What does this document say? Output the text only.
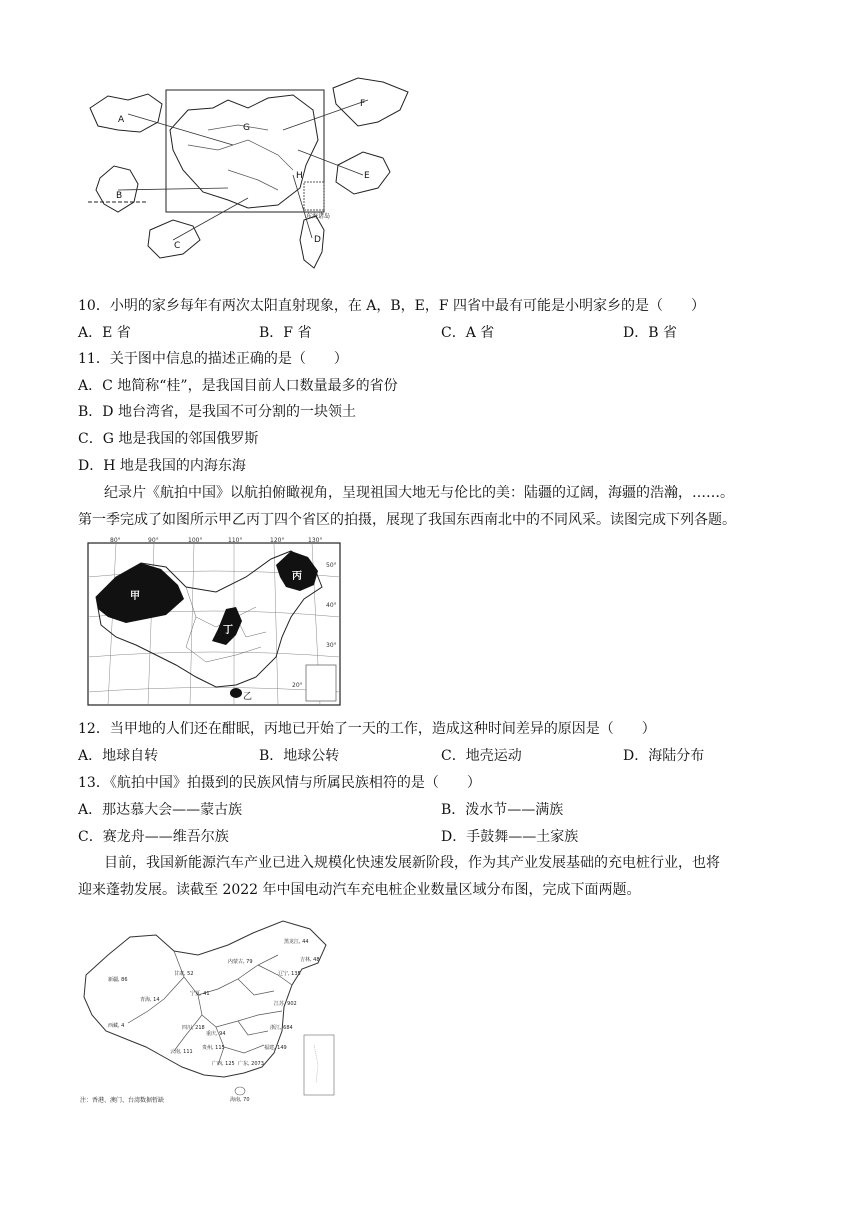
A
B
C
D
E
F
G
H
东海诸岛
10．小明的家乡每年有两次太阳直射现象，在 A，B，E，F 四省中最有可能是小明家乡的是（　　）
A．E 省	B．F 省	C．A 省	D．B 省
11．关于图中信息的描述正确的是（　　）
A．C 地简称“桂”，是我国目前人口数量最多的省份
B．D 地台湾省，是我国不可分割的一块领土
C．G 地是我国的邻国俄罗斯
D．H 地是我国的内海东海
纪录片《航拍中国》以航拍俯瞰视角，呈现祖国大地无与伦比的美：陆疆的辽阔，海疆的浩瀚，……。
第一季完成了如图所示甲乙丙丁四个省区的拍摄，展现了我国东西南北中的不同风采。读图完成下列各题。
甲
丙
丁
乙
80°	90°	100°	110°	120°	130°
50°
40°
30°
20°
12．当甲地的人们还在酣眠，丙地已开始了一天的工作，造成这种时间差异的原因是（　　）
A．地球自转	B．地球公转	C．地壳运动	D．海陆分布
13．《航拍中国》拍摄到的民族风情与所属民族相符的是（　　）
A．那达慕大会——蒙古族	B．泼水节——满族
C．赛龙舟——维吾尔族	D．手鼓舞——土家族
目前，我国新能源汽车产业已进入规模化快速发展新阶段，作为其产业发展基础的充电桩行业，也将
迎来蓬勃发展。读截至 2022 年中国电动汽车充电桩企业数量区域分布图，完成下面两题。
黑龙江, 44
新疆, 86
内蒙古, 79	吉林, 48
辽宁, 135
甘肃, 52
宁夏, 41
青海, 14
西藏, 4	四川, 218
重庆, 94
贵州, 115
云南, 111
广西, 125
江苏, 902
浙江, 684
福建, 149
广东, 2073
海南, 70
注：香港、澳门、台湾数据暂缺
